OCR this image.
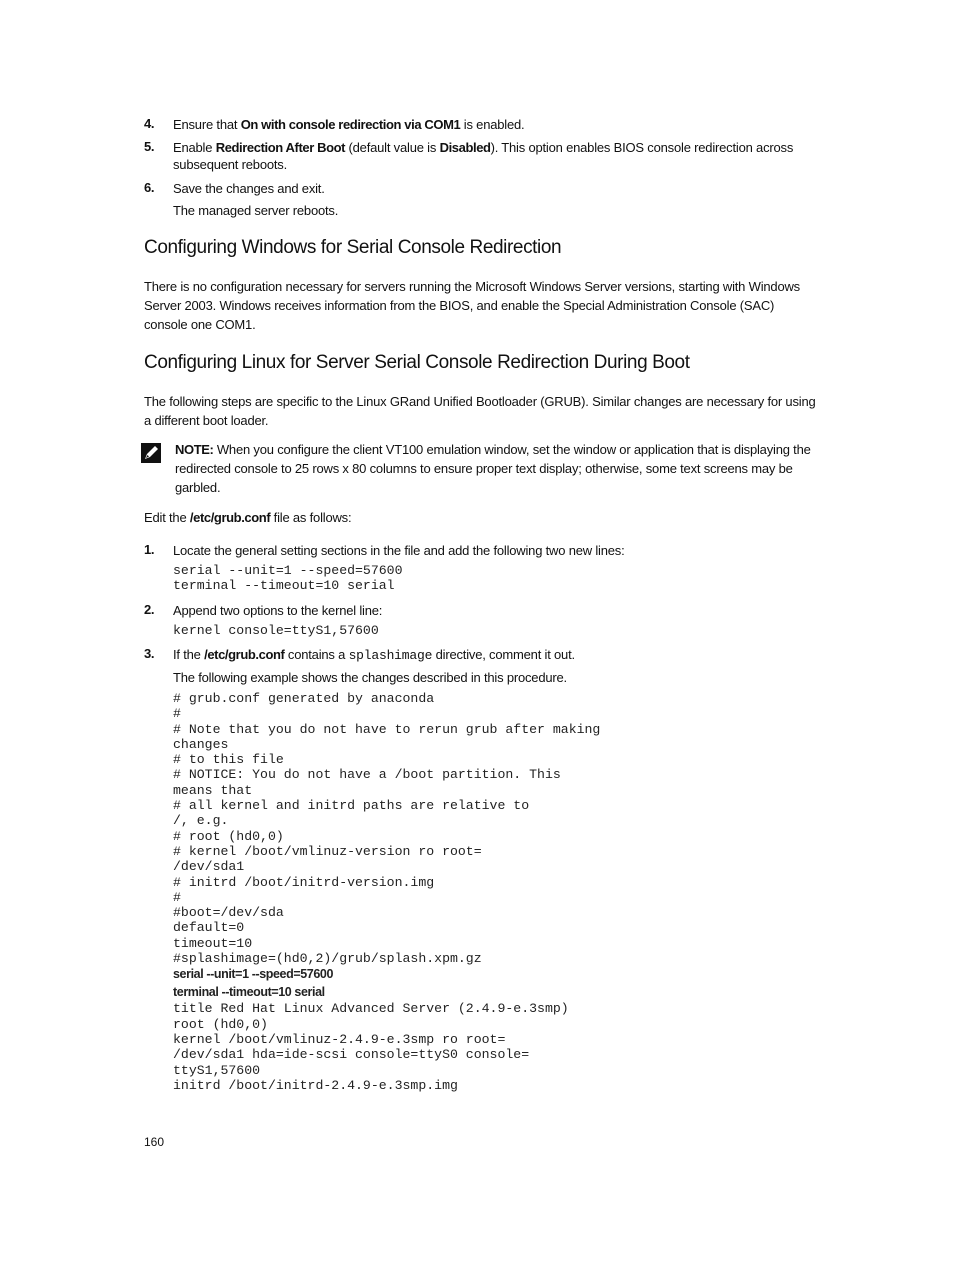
4. Ensure that On with console redirection via COM1 is enabled.
5. Enable Redirection After Boot (default value is Disabled). This option enables BIOS console redirection across
subsequent reboots.
6. Save the changes and exit.
The managed server reboots.
Configuring Windows for Serial Console Redirection
There is no configuration necessary for servers running the Microsoft Windows Server versions, starting with Windows
Server 2003. Windows receives information from the BIOS, and enable the Special Administration Console (SAC)
console one COM1.
Configuring Linux for Server Serial Console Redirection During Boot
The following steps are specific to the Linux GRand Unified Bootloader (GRUB). Similar changes are necessary for using
a different boot loader.
NOTE: When you configure the client VT100 emulation window, set the window or application that is displaying the
redirected console to 25 rows x 80 columns to ensure proper text display; otherwise, some text screens may be
garbled.
Edit the /etc/grub.conf file as follows:
1. Locate the general setting sections in the file and add the following two new lines:
serial --unit=1 --speed=57600
terminal --timeout=10 serial
2. Append two options to the kernel line:
kernel console=ttyS1,57600
3. If the /etc/grub.conf contains a splashimage directive, comment it out.
The following example shows the changes described in this procedure.
# grub.conf generated by anaconda
#
# Note that you do not have to rerun grub after making
changes
# to this file
# NOTICE: You do not have a /boot partition. This
means that
# all kernel and initrd paths are relative to
/, e.g.
# root (hd0,0)
# kernel /boot/vmlinuz-version ro root=
/dev/sda1
# initrd /boot/initrd-version.img
#
#boot=/dev/sda
default=0
timeout=10
#splashimage=(hd0,2)/grub/splash.xpm.gz
serial --unit=1 --speed=57600
terminal --timeout=10 serial
title Red Hat Linux Advanced Server (2.4.9-e.3smp)
root (hd0,0)
kernel /boot/vmlinuz-2.4.9-e.3smp ro root=
/dev/sda1 hda=ide-scsi console=ttyS0 console=
ttyS1,57600
initrd /boot/initrd-2.4.9-e.3smp.img
160
